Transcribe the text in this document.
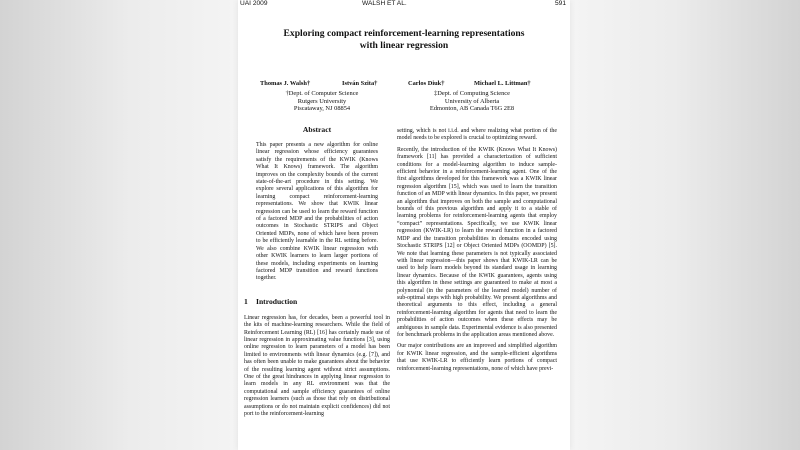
UAI 2009	WALSH ET AL.	591
Exploring compact reinforcement-learning representations
with linear regression
Thomas J. Walsh†	István Szita†
†Dept. of Computer Science
Rutgers University
Piscataway, NJ 08854
Carlos Diuk†	Michael L. Littman†
‡Dept. of Computing Science
University of Alberta
Edmonton, AB Canada T6G 2E8
Abstract
This paper presents a new algorithm for online linear regression whose efficiency guarantees satisfy the requirements of the KWIK (Knows What It Knows) framework. The algorithm improves on the complexity bounds of the current state-of-the-art procedure in this setting. We explore several applications of this algorithm for learning compact reinforcement-learning representations. We show that KWIK linear regression can be used to learn the reward function of a factored MDP and the probabilities of action outcomes in Stochastic STRIPS and Object Oriented MDPs, none of which have been proven to be efficiently learnable in the RL setting before. We also combine KWIK linear regression with other KWIK learners to learn larger portions of these models, including experiments on learning factored MDP transition and reward functions together.
1 Introduction

Linear regression has, for decades, been a powerful tool in the kits of machine-learning researchers. While the field of Reinforcement Learning (RL) [16] has certainly made use of linear regression in approximating value functions [3], using online regression to learn parameters of a model has been limited to environments with linear dynamics (e.g. [7]), and has often been unable to make guarantees about the behavior of the resulting learning agent without strict assumptions. One of the great hindrances in applying linear regression to learn models in any RL environment was that the computational and sample efficiency guarantees of online regression learners (such as those that rely on distributional assumptions or do not maintain explicit confidences) did not port to the reinforcement-learning

setting, which is not i.i.d. and where realizing what portion of the model needs to be explored is crucial to optimizing reward.

Recently, the introduction of the KWIK (Knows What It Knows) framework [11] has provided a characterization of sufficient conditions for a model-learning algorithm to induce sample-efficient behavior in a reinforcement-learning agent. One of the first algorithms developed for this framework was a KWIK linear regression algorithm [15], which was used to learn the transition function of an MDP with linear dynamics. In this paper, we present an algorithm that improves on both the sample and computational bounds of this previous algorithm and apply it to a stable of learning problems for reinforcement-learning agents that employ “compact” representations. Specifically, we use KWIK linear regression (KWIK-LR) to learn the reward function in a factored MDP and the transition probabilities in domains encoded using Stochastic STRIPS [12] or Object Oriented MDPs (OOMDP) [5]. We note that learning these parameters is not typically associated with linear regression—this paper shows that KWIK-LR can be used to help learn models beyond its standard usage in learning linear dynamics. Because of the KWIK guarantees, agents using this algorithm in these settings are guaranteed to make at most a polynomial (in the parameters of the learned model) number of sub-optimal steps with high probability. We present algorithms and theoretical arguments to this effect, including a general reinforcement-learning algorithm for agents that need to learn the probabilities of action outcomes when these effects may be ambiguous in sample data. Experimental evidence is also presented for benchmark problems in the application areas mentioned above.

Our major contributions are an improved and simplified algorithm for KWIK linear regression, and the sample-efficient algorithms that use KWIK-LR to efficiently learn portions of compact reinforcement-learning representations, none of which have previ-
